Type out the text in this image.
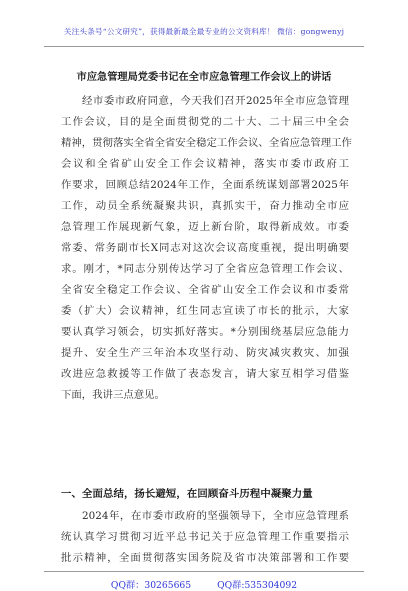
关注头条号“公文研究”，获得最新最全最专业的公文资料库！ 微信：gongwenyj
市应急管理局党委书记在全市应急管理工作会议上的讲话
经市委市政府同意，今天我们召开2025年全市应急管理
工作会议，目的是全面贯彻党的二十大、二十届三中全会
精神，贯彻落实全省全省安全稳定工作会议、全省应急管理工作
会议和全省矿山安全工作会议精神，落实市委市政府工
作要求，回顾总结2024年工作，全面系统谋划部署2025年
工作，动员全系统凝聚共识，真抓实干，奋力推动全市应
急管理工作展现新气象，迈上新台阶，取得新成效。市委
常委、常务副市长X同志对这次会议高度重视，提出明确要
求。刚才，*同志分别传达学习了全省应急管理工作会议、
全省安全稳定工作会议、全省矿山安全工作会议和市委常
委（扩大）会议精神，红生同志宣读了市长的批示，大家
要认真学习领会，切实抓好落实。*分别围绕基层应急能力
提升、安全生产三年治本攻坚行动、防灾减灾救灾、加强
改进应急救援等工作做了表态发言，请大家互相学习借鉴
下面，我讲三点意见。
一、全面总结，扬长避短，在回顾奋斗历程中凝聚力量
2024年，在市委市政府的坚强领导下，全市应急管理系
统认真学习贯彻习近平总书记关于应急管理工作重要指示
批示精神，全面贯彻落实国务院及省市决策部署和工作要
QQ群：30265665	QQ群:535304092
